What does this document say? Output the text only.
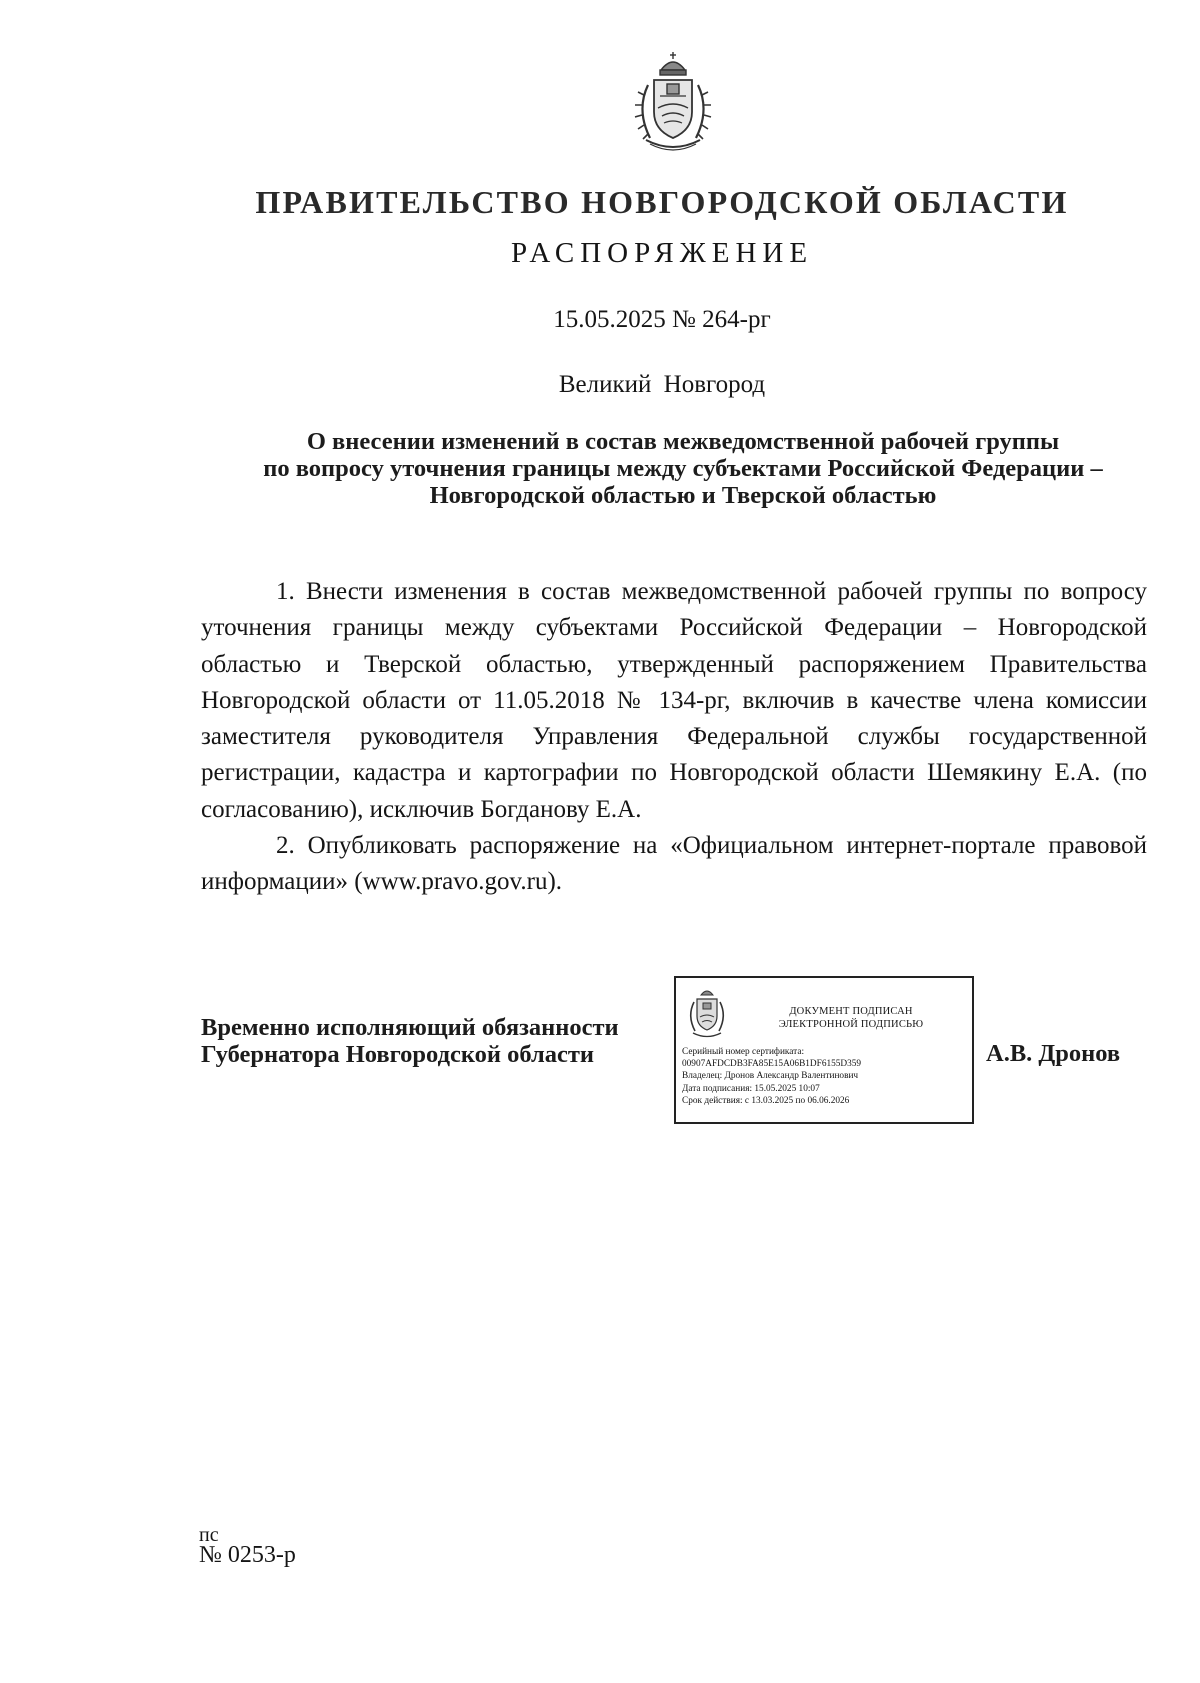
ПРАВИТЕЛЬСТВО НОВГОРОДСКОЙ ОБЛАСТИ
РАСПОРЯЖЕНИЕ
15.05.2025 № 264-рг
Великий Новгород
О внесении изменений в состав межведомственной рабочей группы
по вопросу уточнения границы между субъектами Российской Федерации –
Новгородской областью и Тверской областью

1. Внести изменения в состав межведомственной рабочей группы по вопросу уточнения границы между субъектами Российской Федерации – Новгородской областью и Тверской областью, утвержденный распоряжением Правительства Новгородской области от 11.05.2018 № 134-рг, включив в качестве члена комиссии заместителя руководителя Управления Федеральной службы государственной регистрации, кадастра и картографии по Новгородской области Шемякину Е.А. (по согласованию), исключив Богданову Е.А.

2. Опубликовать распоряжение на «Официальном интернет-портале правовой информации» (www.pravo.gov.ru).

Временно исполняющий обязанности
Губернатора Новгородской области
ДОКУМЕНТ ПОДПИСАН
ЭЛЕКТРОННОЙ ПОДПИСЬЮ
Серийный номер сертификата:
00907AFDCDB3FA85E15A06B1DF6155D359
Владелец: Дронов Александр Валентинович
Дата подписания: 15.05.2025 10:07
Срок действия: с 13.03.2025 по 06.06.2026
А.В. Дронов
пс
№ 0253-р
